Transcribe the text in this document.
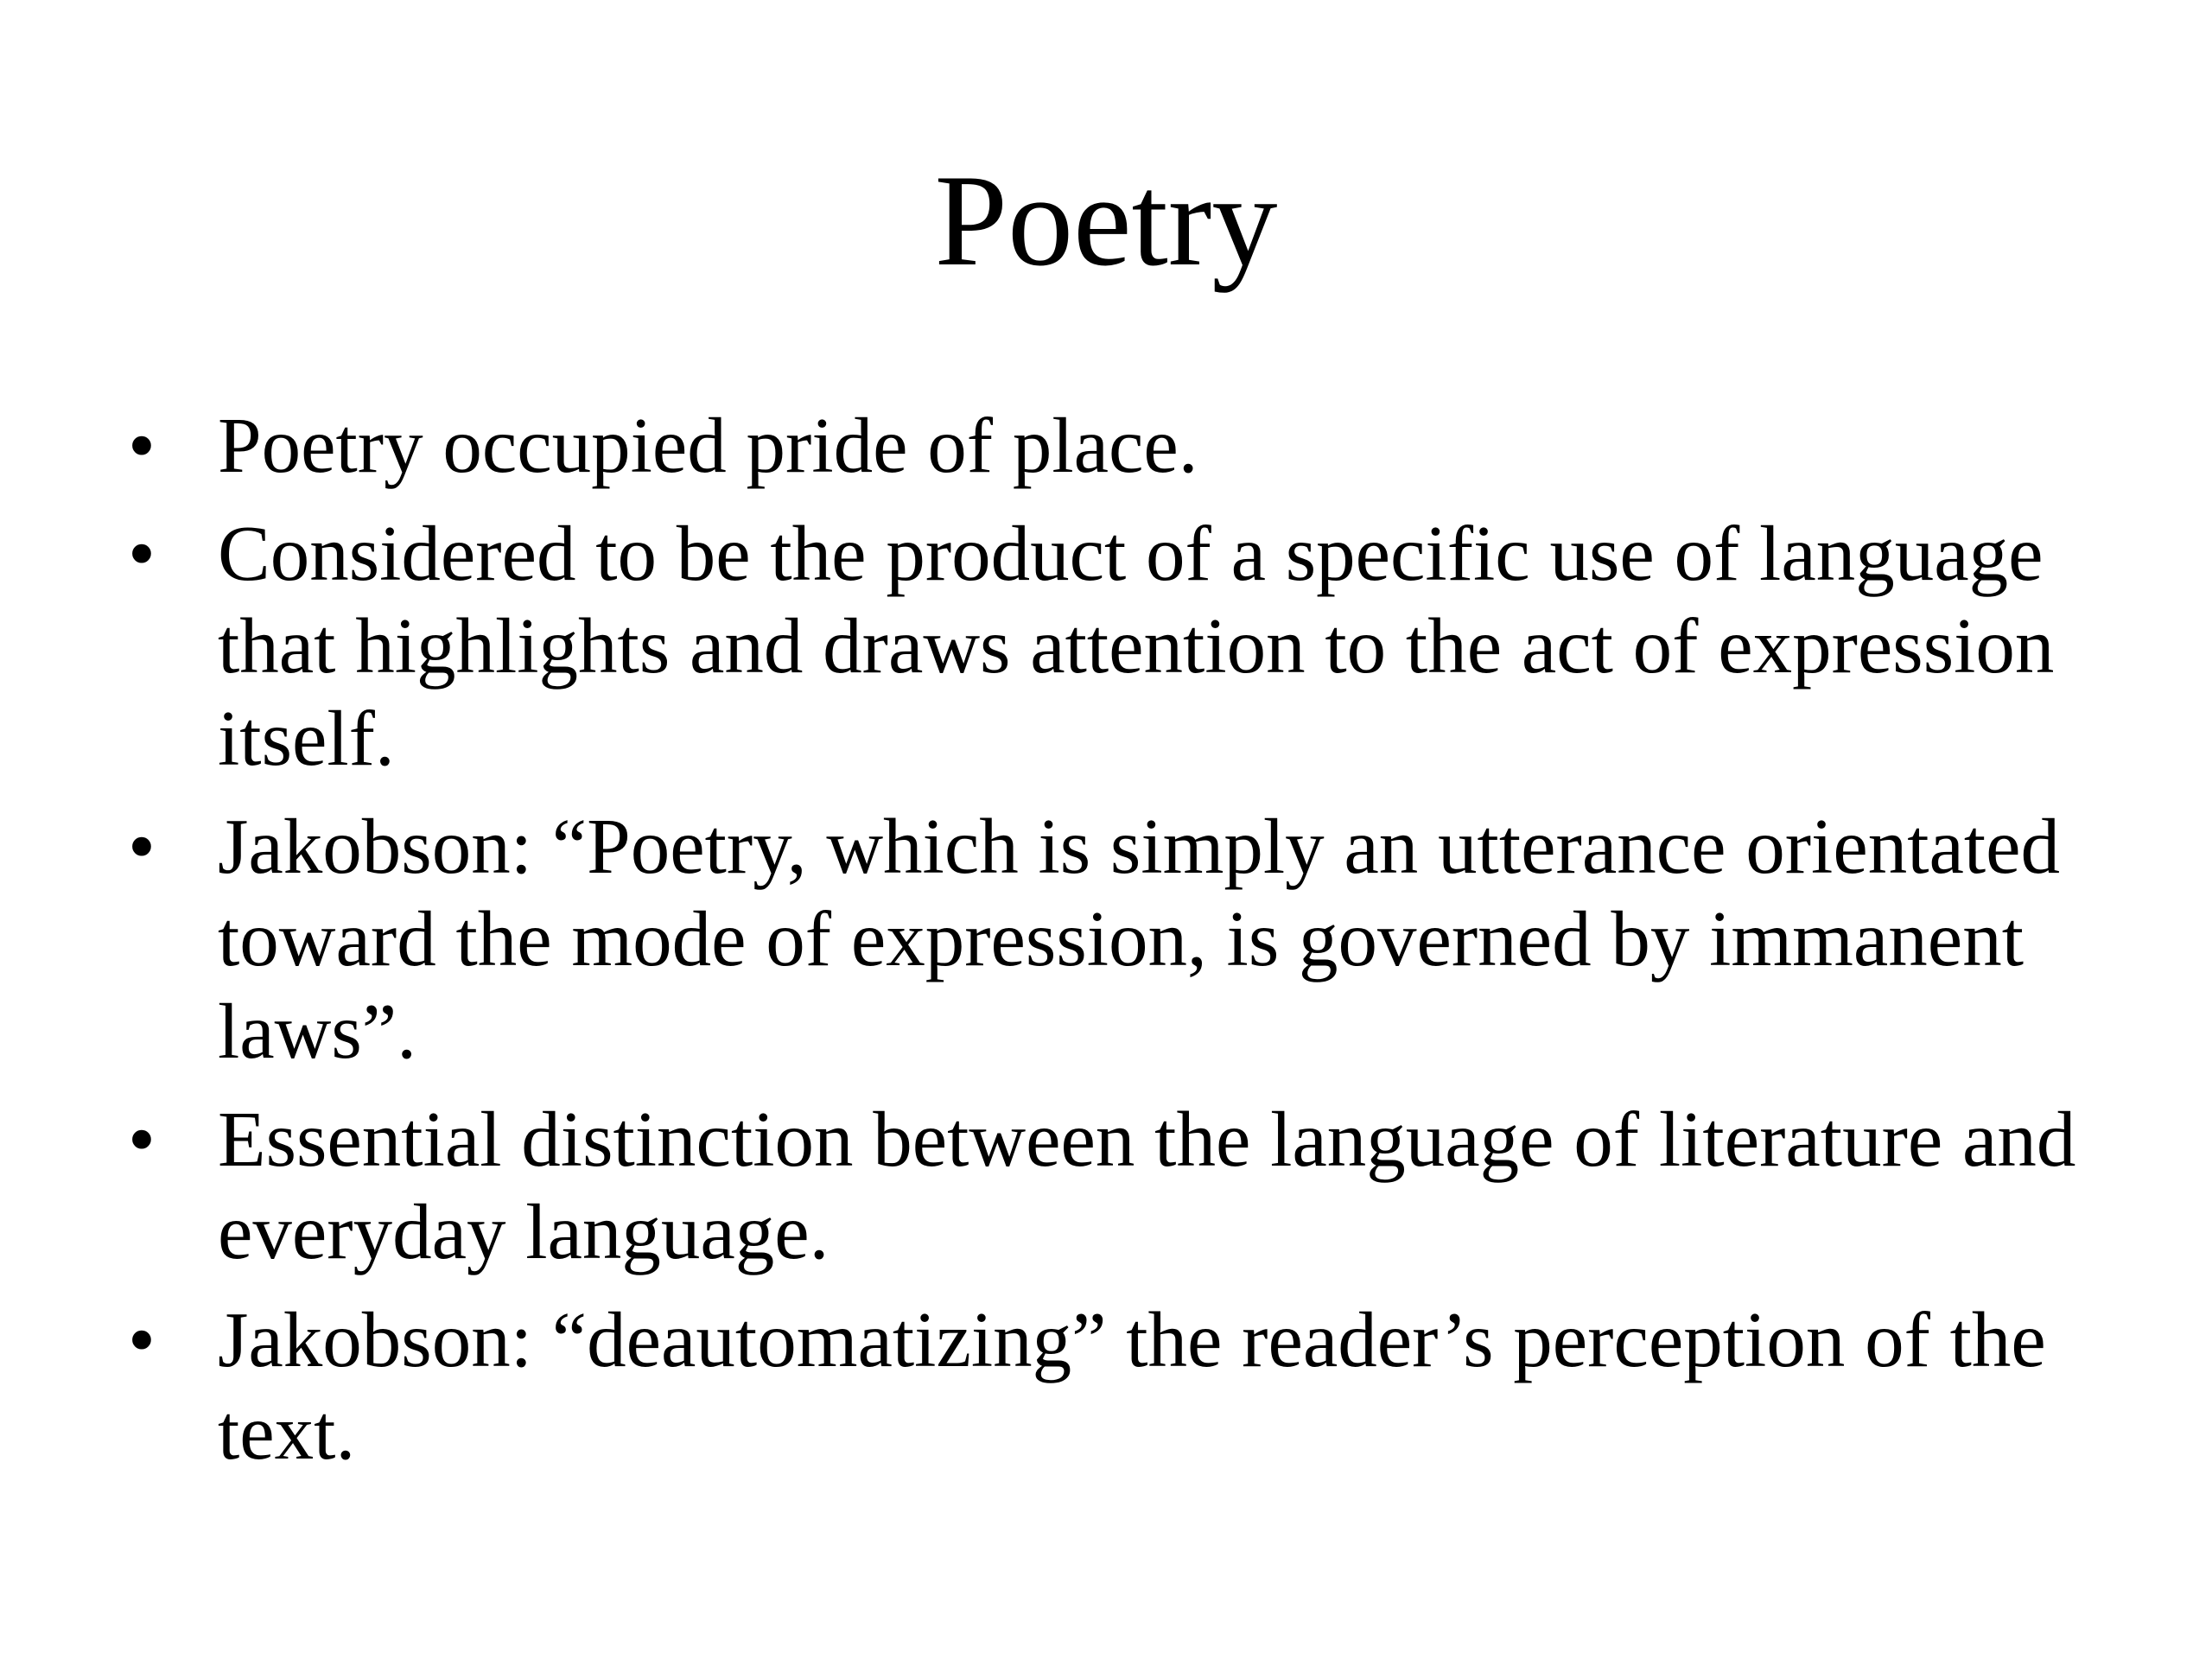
Poetry
• Poetry occupied pride of place.
• Considered to be the product of a specific use of language that highlights and draws attention to the act of expression itself.
• Jakobson: “Poetry, which is simply an utterance orientated toward the mode of expression, is governed by immanent laws”.
• Essential distinction between the language of literature and everyday language.
• Jakobson: “deautomatizing” the reader’s perception of the text.
